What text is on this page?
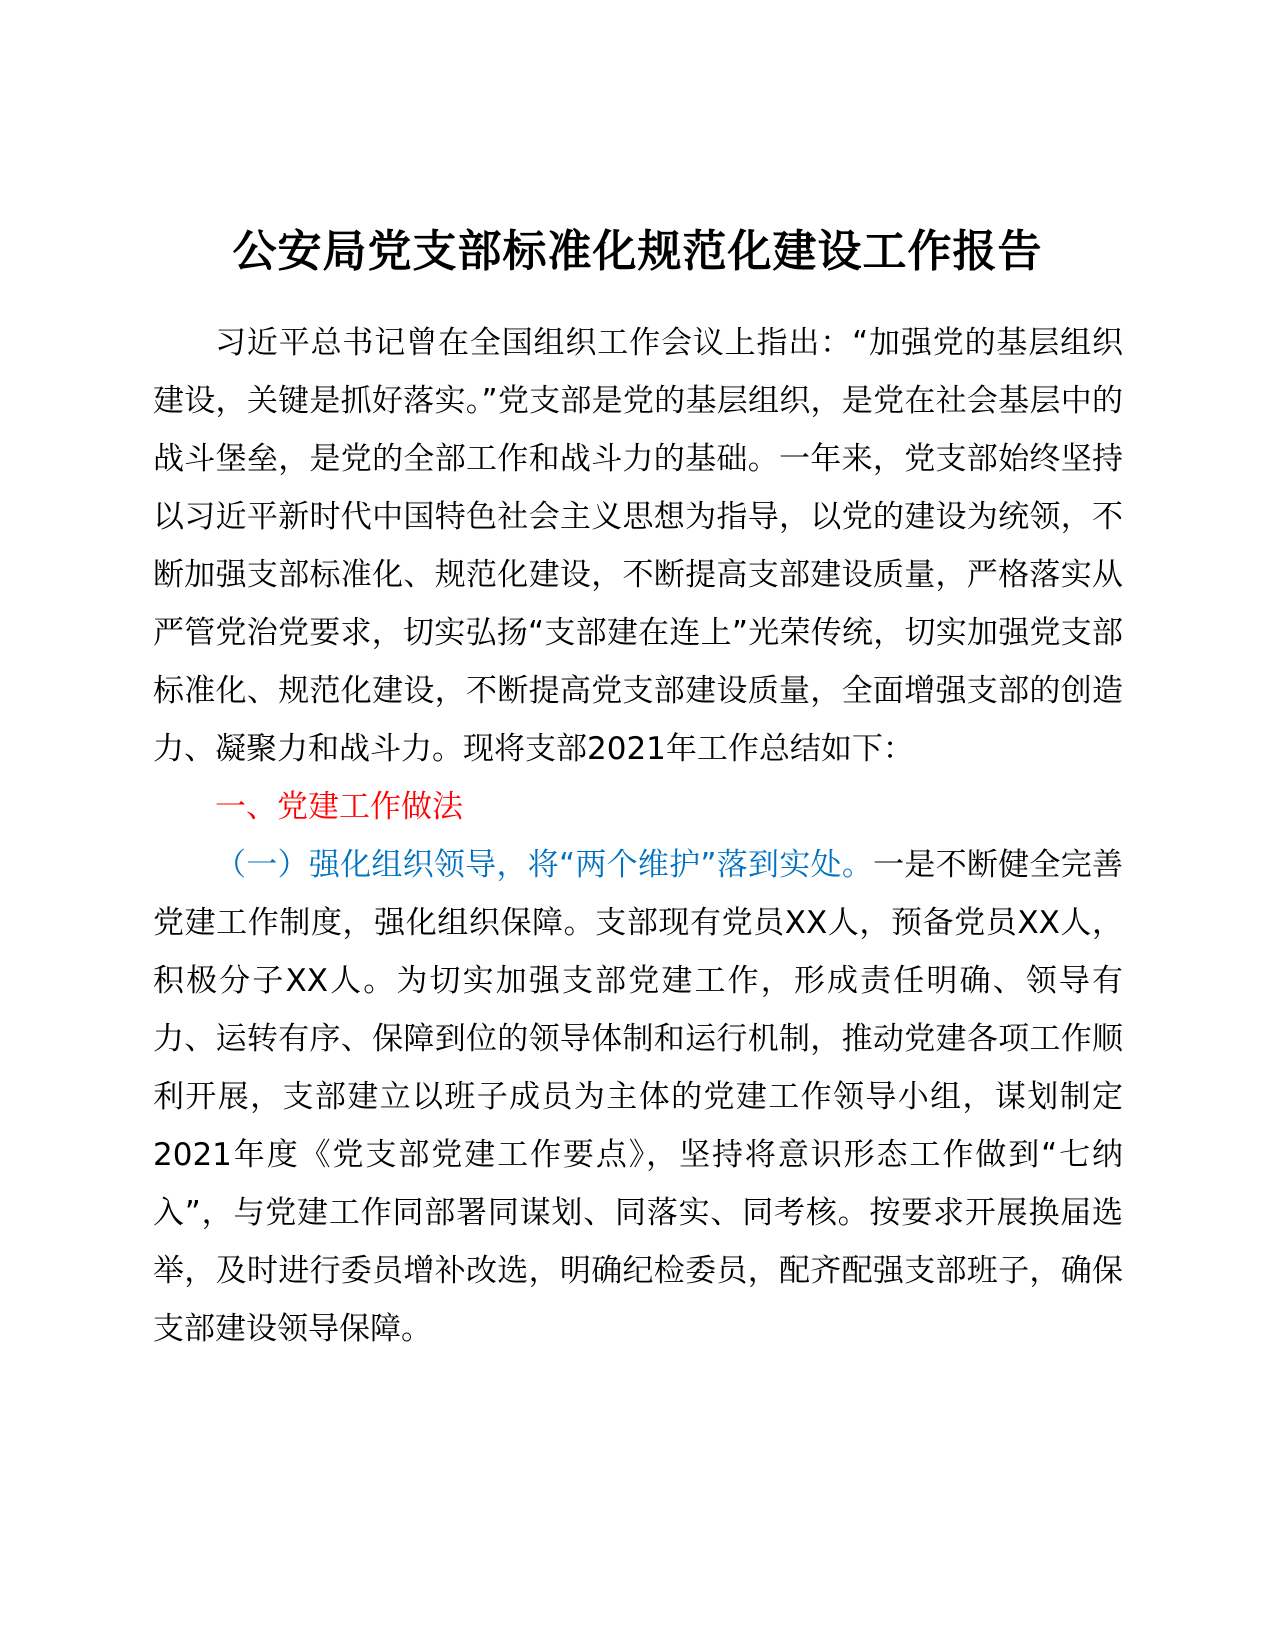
公安局党支部标准化规范化建设工作报告

习近平总书记曾在全国组织工作会议上指出：“加强党的基层组织建设，关键是抓好落实。”党支部是党的基层组织，是党在社会基层中的战斗堡垒，是党的全部工作和战斗力的基础。一年来，党支部始终坚持以习近平新时代中国特色社会主义思想为指导，以党的建设为统领，不断加强支部标准化、规范化建设，不断提高支部建设质量，严格落实从严管党治党要求，切实弘扬“支部建在连上”光荣传统，切实加强党支部标准化、规范化建设，不断提高党支部建设质量，全面增强支部的创造力、凝聚力和战斗力。现将支部2021年工作总结如下：

一、党建工作做法

（一）强化组织领导，将“两个维护”落到实处。一是不断健全完善党建工作制度，强化组织保障。支部现有党员XX人，预备党员XX人，积极分子XX人。为切实加强支部党建工作，形成责任明确、领导有力、运转有序、保障到位的领导体制和运行机制，推动党建各项工作顺利开展，支部建立以班子成员为主体的党建工作领导小组，谋划制定2021年度《党支部党建工作要点》，坚持将意识形态工作做到“七纳入”，与党建工作同部署同谋划、同落实、同考核。按要求开展换届选举，及时进行委员增补改选，明确纪检委员，配齐配强支部班子，确保支部建设领导保障。
